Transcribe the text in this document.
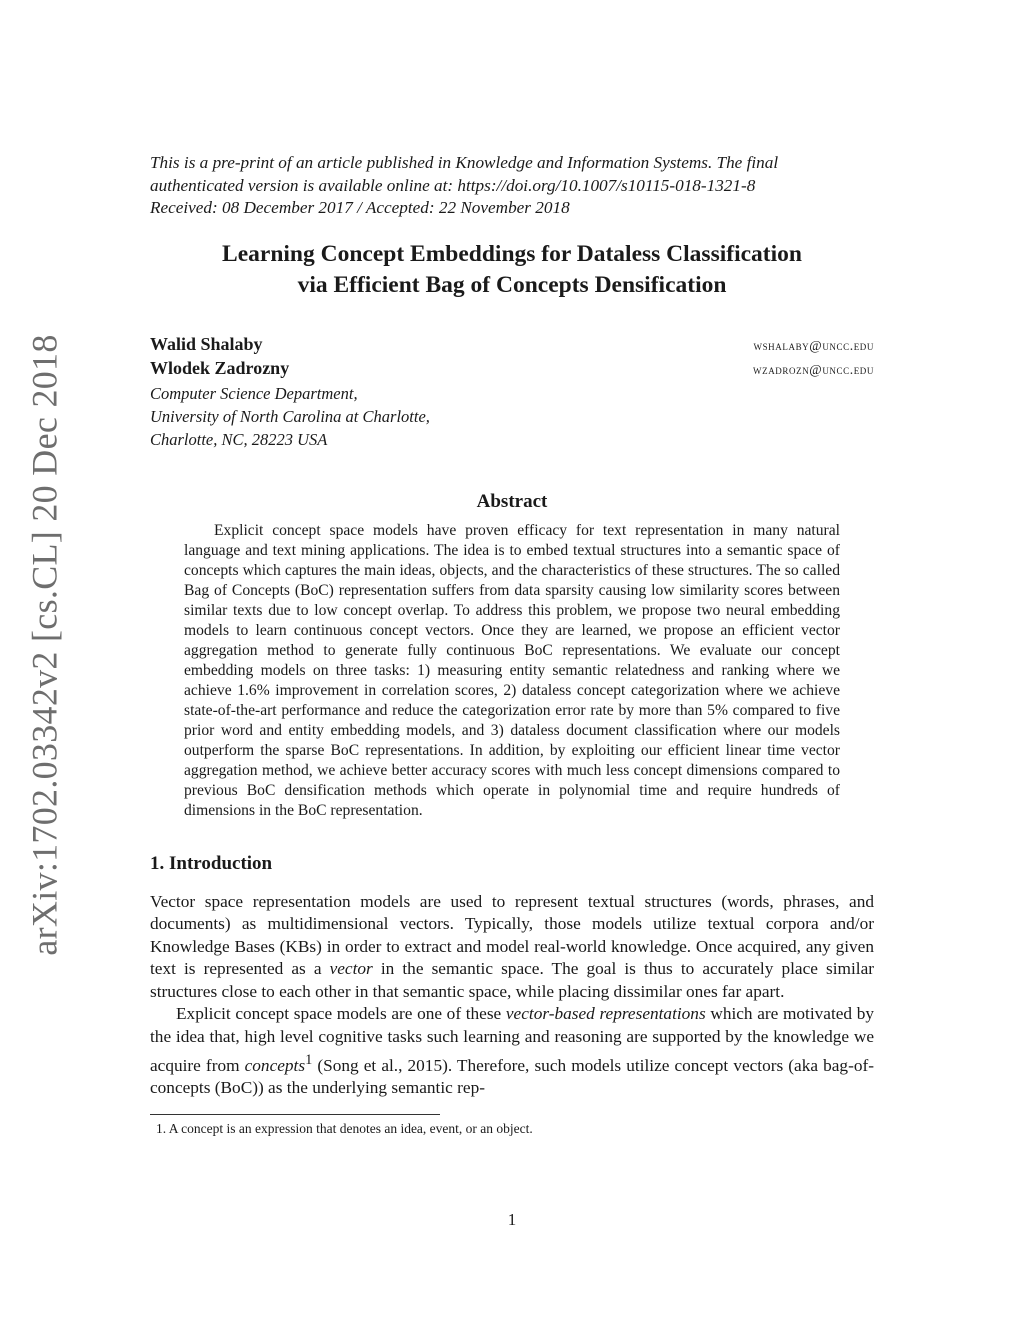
arXiv:1702.03342v2 [cs.CL] 20 Dec 2018
This is a pre-print of an article published in Knowledge and Information Systems. The final
authenticated version is available online at: https://doi.org/10.1007/s10115-018-1321-8
Received: 08 December 2017 / Accepted: 22 November 2018
Learning Concept Embeddings for Dataless Classification
via Efficient Bag of Concepts Densification
Walid Shalaby	wshalaby@uncc.edu
Wlodek Zadrozny	wzadrozn@uncc.edu
Computer Science Department,
University of North Carolina at Charlotte,
Charlotte, NC, 28223 USA
Abstract
Explicit concept space models have proven efficacy for text representation in many natural language and text mining applications. The idea is to embed textual structures into a semantic space of concepts which captures the main ideas, objects, and the characteristics of these structures. The so called Bag of Concepts (BoC) representation suffers from data sparsity causing low similarity scores between similar texts due to low concept overlap. To address this problem, we propose two neural embedding models to learn continuous concept vectors. Once they are learned, we propose an efficient vector aggregation method to generate fully continuous BoC representations. We evaluate our concept embedding models on three tasks: 1) measuring entity semantic relatedness and ranking where we achieve 1.6% improvement in correlation scores, 2) dataless concept categorization where we achieve state-of-the-art performance and reduce the categorization error rate by more than 5% compared to five prior word and entity embedding models, and 3) dataless document classification where our models outperform the sparse BoC representations. In addition, by exploiting our efficient linear time vector aggregation method, we achieve better accuracy scores with much less concept dimensions compared to previous BoC densification methods which operate in polynomial time and require hundreds of dimensions in the BoC representation.
1. Introduction

Vector space representation models are used to represent textual structures (words, phrases, and documents) as multidimensional vectors. Typically, those models utilize textual corpora and/or Knowledge Bases (KBs) in order to extract and model real-world knowledge. Once acquired, any given text is represented as a vector in the semantic space. The goal is thus to accurately place similar structures close to each other in that semantic space, while placing dissimilar ones far apart.

Explicit concept space models are one of these vector-based representations which are motivated by the idea that, high level cognitive tasks such learning and reasoning are supported by the knowledge we acquire from concepts$^1$ (Song et al., 2015). Therefore, such models utilize concept vectors (aka bag-of-concepts (BoC)) as the underlying semantic rep-

1. A concept is an expression that denotes an idea, event, or an object.
1
